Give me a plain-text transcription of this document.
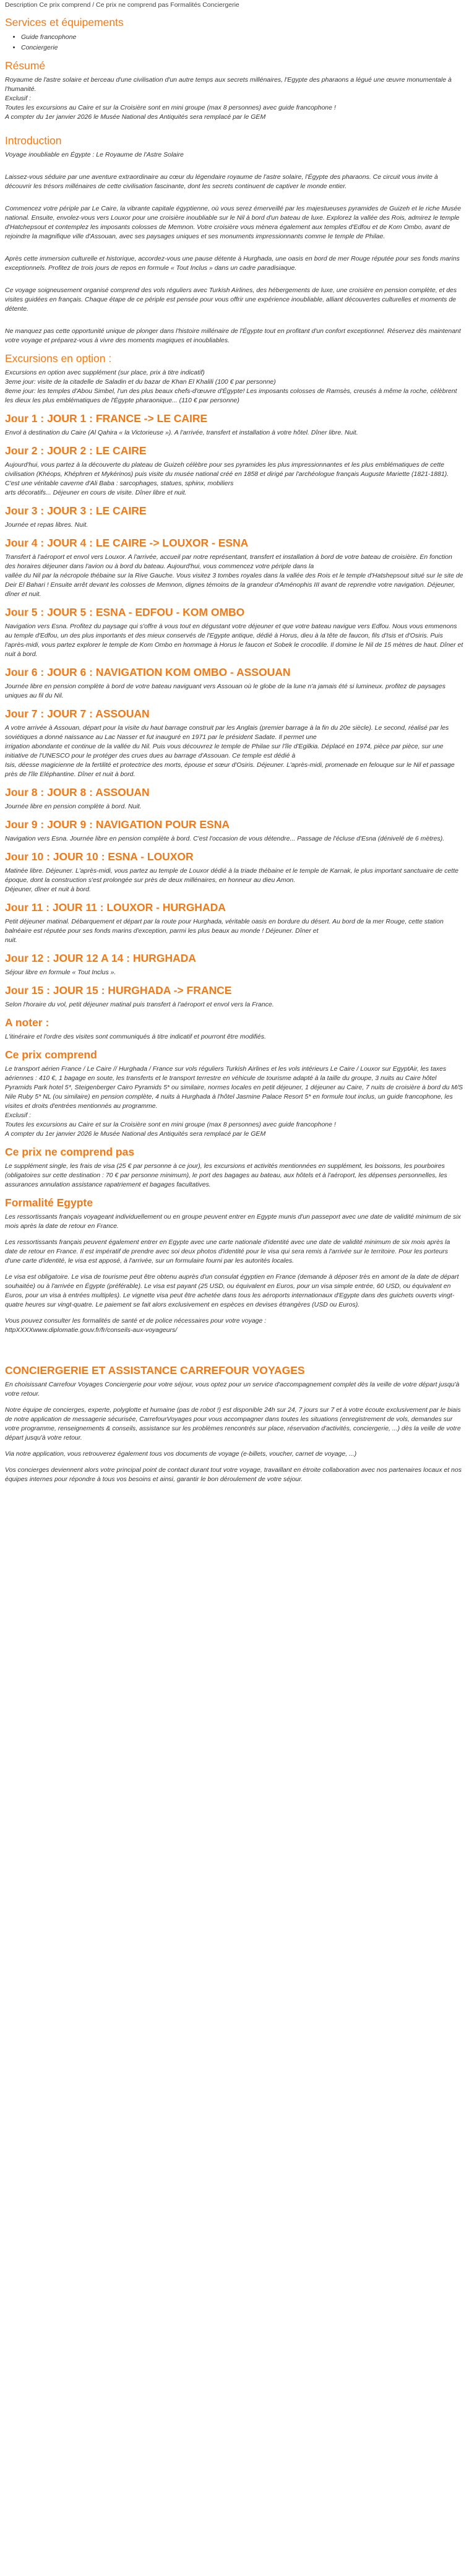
Description Ce prix comprend / Ce prix ne comprend pas Formalités Conciergerie
Services et équipements
• Guide francophone
• Conciergerie
Résumé

Royaume de l'astre solaire et berceau d'une civilisation d'un autre temps aux secrets millénaires, l'Egypte des pharaons a légué une œuvre monumentale à l'humanité.

Exclusif :

Toutes les excursions au Caire et sur la Croisière sont en mini groupe (max 8 personnes) avec guide francophone !

A compter du 1er janvier 2026 le Musée National des Antiquités sera remplacé par le GEM

Introduction

Voyage inoubliable en Égypte : Le Royaume de l'Astre Solaire

Laissez-vous séduire par une aventure extraordinaire au cœur du légendaire royaume de l'astre solaire, l'Égypte des pharaons. Ce circuit vous invite à découvrir les trésors millénaires de cette civilisation fascinante, dont les secrets continuent de captiver le monde entier.

Commencez votre périple par Le Caire, la vibrante capitale égyptienne, où vous serez émerveillé par les majestueuses pyramides de Guizeh et le riche Musée national. Ensuite, envolez-vous vers Louxor pour une croisière inoubliable sur le Nil à bord d'un bateau de luxe. Explorez la vallée des Rois, admirez le temple d'Hatchepsout et contemplez les imposants colosses de Memnon. Votre croisière vous mènera également aux temples d'Edfou et de Kom Ombo, avant de rejoindre la magnifique ville d'Assouan, avec ses paysages uniques et ses monuments impressionnants comme le temple de Philae.

Après cette immersion culturelle et historique, accordez-vous une pause détente à Hurghada, une oasis en bord de mer Rouge réputée pour ses fonds marins exceptionnels. Profitez de trois jours de repos en formule « Tout Inclus » dans un cadre paradisiaque.

Ce voyage soigneusement organisé comprend des vols réguliers avec Turkish Airlines, des hébergements de luxe, une croisière en pension complète, et des visites guidées en français. Chaque étape de ce périple est pensée pour vous offrir une expérience inoubliable, alliant découvertes culturelles et moments de détente.

Ne manquez pas cette opportunité unique de plonger dans l'histoire millénaire de l'Égypte tout en profitant d'un confort exceptionnel. Réservez dès maintenant votre voyage et préparez-vous à vivre des moments magiques et inoubliables.

Excursions en option :

Excursions en option avec supplément (sur place, prix à titre indicatif)

3eme jour: visite de la citadelle de Saladin et du bazar de Khan El Khalili (100 € par personne)

8eme jour: les temples d'Abou Simbel, l'un des plus beaux chefs-d'œuvre d'Égypte! Les imposants colosses de Ramsès, creusés à même la roche, célèbrent les dieux les plus emblématiques de l'Égypte pharaonique... (110 € par personne)

Jour 1 : JOUR 1 : FRANCE -> LE CAIRE

Envol à destination du Caire (Al Qahira « la Victorieuse »). A l'arrivée, transfert et installation à votre hôtel. Dîner libre. Nuit.

Jour 2 : JOUR 2 : LE CAIRE

Aujourd'hui, vous partez à la découverte du plateau de Guizeh célèbre pour ses pyramides les plus impressionnantes et les plus emblématiques de cette civilisation (Khéops, Khéphren et Mykérinos) puis visite du musée national créé en 1858 et dirigé par l'archéologue français Auguste Mariette (1821-1881). C'est une véritable caverne d'Ali Baba : sarcophages, statues, sphinx, mobiliers
arts décoratifs... Déjeuner en cours de visite. Dîner libre et nuit.

Jour 3 : JOUR 3 : LE CAIRE

Journée et repas libres. Nuit.

Jour 4 : JOUR 4 : LE CAIRE -> LOUXOR - ESNA

Transfert à l'aéroport et envol vers Louxor. A l'arrivée, accueil par notre représentant, transfert et installation à bord de votre bateau de croisière. En fonction des horaires déjeuner dans l'avion ou à bord du bateau. Aujourd'hui, vous commencez votre périple dans la
vallée du Nil par la nécropole thébaine sur la Rive Gauche. Vous visitez 3 tombes royales dans la vallée des Rois et le temple d'Hatshepsout situé sur le site de Deir El Bahari ! Ensuite arrêt devant les colosses de Memnon, dignes témoins de la grandeur d'Aménophis III avant de reprendre votre navigation. Déjeuner, dîner et nuit.

Jour 5 : JOUR 5 : ESNA - EDFOU - KOM OMBO

Navigation vers Esna. Profitez du paysage qui s'offre à vous tout en dégustant votre déjeuner et que votre bateau navigue vers Edfou. Nous vous emmenons au temple d'Edfou, un des plus importants et des mieux conservés de l'Egypte antique, dédié à Horus, dieu à la tête de faucon, fils d'Isis et d'Osiris. Puis l'après-midi, vous partez explorer le temple de Kom Ombo en hommage à Horus le faucon et Sobek le crocodile. Il domine le Nil de 15 mètres de haut. Dîner et nuit à bord.

Jour 6 : JOUR 6 : NAVIGATION KOM OMBO - ASSOUAN

Journée libre en pension complète à bord de votre bateau naviguant vers Assouan où le globe de la lune n'a jamais été si lumineux. profitez de paysages uniques au fil du Nil.

Jour 7 : JOUR 7 : ASSOUAN

A votre arrivée à Assouan, départ pour la visite du haut barrage construit par les Anglais (premier barrage à la fin du 20e siècle). Le second, réalisé par les soviétiques a donné naissance au Lac Nasser et fut inauguré en 1971 par le président Sadate. Il permet une
irrigation abondante et continue de la vallée du Nil. Puis vous découvrez le temple de Philae sur l'île d'Egilkia. Déplacé en 1974, pièce par pièce, sur une initiative de l'UNESCO pour le protéger des crues dues au barrage d'Assouan. Ce temple est dédié à
Isis, déesse magicienne de la fertilité et protectrice des morts, épouse et sœur d'Osiris. Déjeuner. L'après-midi, promenade en felouque sur le Nil et passage près de l'île Eléphantine. Dîner et nuit à bord.

Jour 8 : JOUR 8 : ASSOUAN

Journée libre en pension complète à bord. Nuit.

Jour 9 : JOUR 9 : NAVIGATION POUR ESNA

Navigation vers Esna. Journée libre en pension complète à bord. C'est l'occasion de vous détendre... Passage de l'écluse d'Esna (dénivelé de 6 mètres).

Jour 10 : JOUR 10 : ESNA - LOUXOR

Matinée libre. Déjeuner. L'après-midi, vous partez au temple de Louxor dédié à la triade thébaine et le temple de Karnak, le plus important sanctuaire de cette époque, dont la construction s'est prolongée sur près de deux millénaires, en honneur au dieu Amon.
Déjeuner, dîner et nuit à bord.

Jour 11 : JOUR 11 : LOUXOR - HURGHADA

Petit déjeuner matinal. Débarquement et départ par la route pour Hurghada, véritable oasis en bordure du désert. Au bord de la mer Rouge, cette station balnéaire est réputée pour ses fonds marins d'exception, parmi les plus beaux au monde ! Déjeuner. Dîner et
nuit.

Jour 12 : JOUR 12 A 14 : HURGHADA

Séjour libre en formule « Tout Inclus ».

Jour 15 : JOUR 15 : HURGHADA -> FRANCE

Selon l'horaire du vol, petit déjeuner matinal puis transfert à l'aéroport et envol vers la France.

A noter :

L'itinéraire et l'ordre des visites sont communiqués à titre indicatif et pourront être modifiés.

Ce prix comprend

Le transport aérien France / Le Caire // Hurghada / France sur vols réguliers Turkish Airlines et les vols intérieurs Le Caire / Louxor sur EgyptAir, les taxes aériennes : 410 €, 1 bagage en soute, les transferts et le transport terrestre en véhicule de tourisme adapté à la taille du groupe, 3 nuits au Caire hôtel Pyramids Park hotel 5*, Steigenberger Cairo Pyramids 5* ou similaire, normes locales en petit déjeuner, 1 déjeuner au Caire, 7 nuits de croisière à bord du M/S Nile Ruby 5* NL (ou similaire) en pension complète, 4 nuits à Hurghada à l'hôtel Jasmine Palace Resort 5* en formule tout inclus, un guide francophone, les visites et droits d'entrées mentionnés au programme.

Exclusif :

Toutes les excursions au Caire et sur la Croisière sont en mini groupe (max 8 personnes) avec guide francophone !

A compter du 1er janvier 2026 le Musée National des Antiquités sera remplacé par le GEM

Ce prix ne comprend pas

Le supplément single, les frais de visa (25 € par personne à ce jour), les excursions et activités mentionnées en supplément, les boissons, les pourboires (obligatoires sur cette destination : 70 € par personne minimum), le port des bagages au bateau, aux hôtels et à l'aéroport, les dépenses personnelles, les assurances annulation assistance rapatriement et bagages facultatives.

Formalité Egypte

Les ressortissants français voyageant individuellement ou en groupe peuvent entrer en Egypte munis d'un passeport avec une date de validité minimum de six mois après la date de retour en France.

Les ressortissants français peuvent également entrer en Egypte avec une carte nationale d'identité avec une date de validité minimum de six mois après la date de retour en France. Il est impératif de prendre avec soi deux photos d'identité pour le visa qui sera remis à l'arrivée sur le territoire. Pour les porteurs d'une carte d'identité, le visa est apposé, à l'arrivée, sur un formulaire fourni par les autorités locales.

Le visa est obligatoire. Le visa de tourisme peut être obtenu auprès d'un consulat égyptien en France (demande à déposer très en amont de la date de départ souhaitée) ou à l'arrivée en Égypte (préférable). Le visa est payant (25 USD, ou équivalent en Euros, pour un visa simple entrée, 60 USD, ou équivalent en Euros, pour un visa à entrées multiples). Le vignette visa peut être achetée dans tous les aéroports internationaux d'Egypte dans des guichets ouverts vingt-quatre heures sur vingt-quatre. Le paiement se fait alors exclusivement en espèces en devises étrangères (USD ou Euros).

Vous pouvez consulter les formalités de santé et de police nécessaires pour votre voyage :
httpXXXXwww.diplomatie.gouv.fr/fr/conseils-aux-voyageurs/

CONCIERGERIE ET ASSISTANCE CARREFOUR VOYAGES

En choisissant Carrefour Voyages Conciergerie pour votre séjour, vous optez pour un service d'accompagnement complet dès la veille de votre départ jusqu'à votre retour.

Notre équipe de concierges, experte, polyglotte et humaine (pas de robot !) est disponible 24h sur 24, 7 jours sur 7 et à votre écoute exclusivement par le biais de notre application de messagerie sécurisée, CarrefourVoyages pour vous accompagner dans toutes les situations (enregistrement de vols, demandes sur votre programme, renseignements & conseils, assistance sur les problèmes rencontrés sur place, réservation d'activités, conciergerie, ...) dès la veille de votre départ jusqu'à votre retour.

Via notre application, vous retrouverez également tous vos documents de voyage (e-billets, voucher, carnet de voyage, ...)

Vos concierges deviennent alors votre principal point de contact durant tout votre voyage, travaillant en étroite collaboration avec nos partenaires locaux et nos équipes internes pour répondre à tous vos besoins et ainsi, garantir le bon déroulement de votre séjour.
